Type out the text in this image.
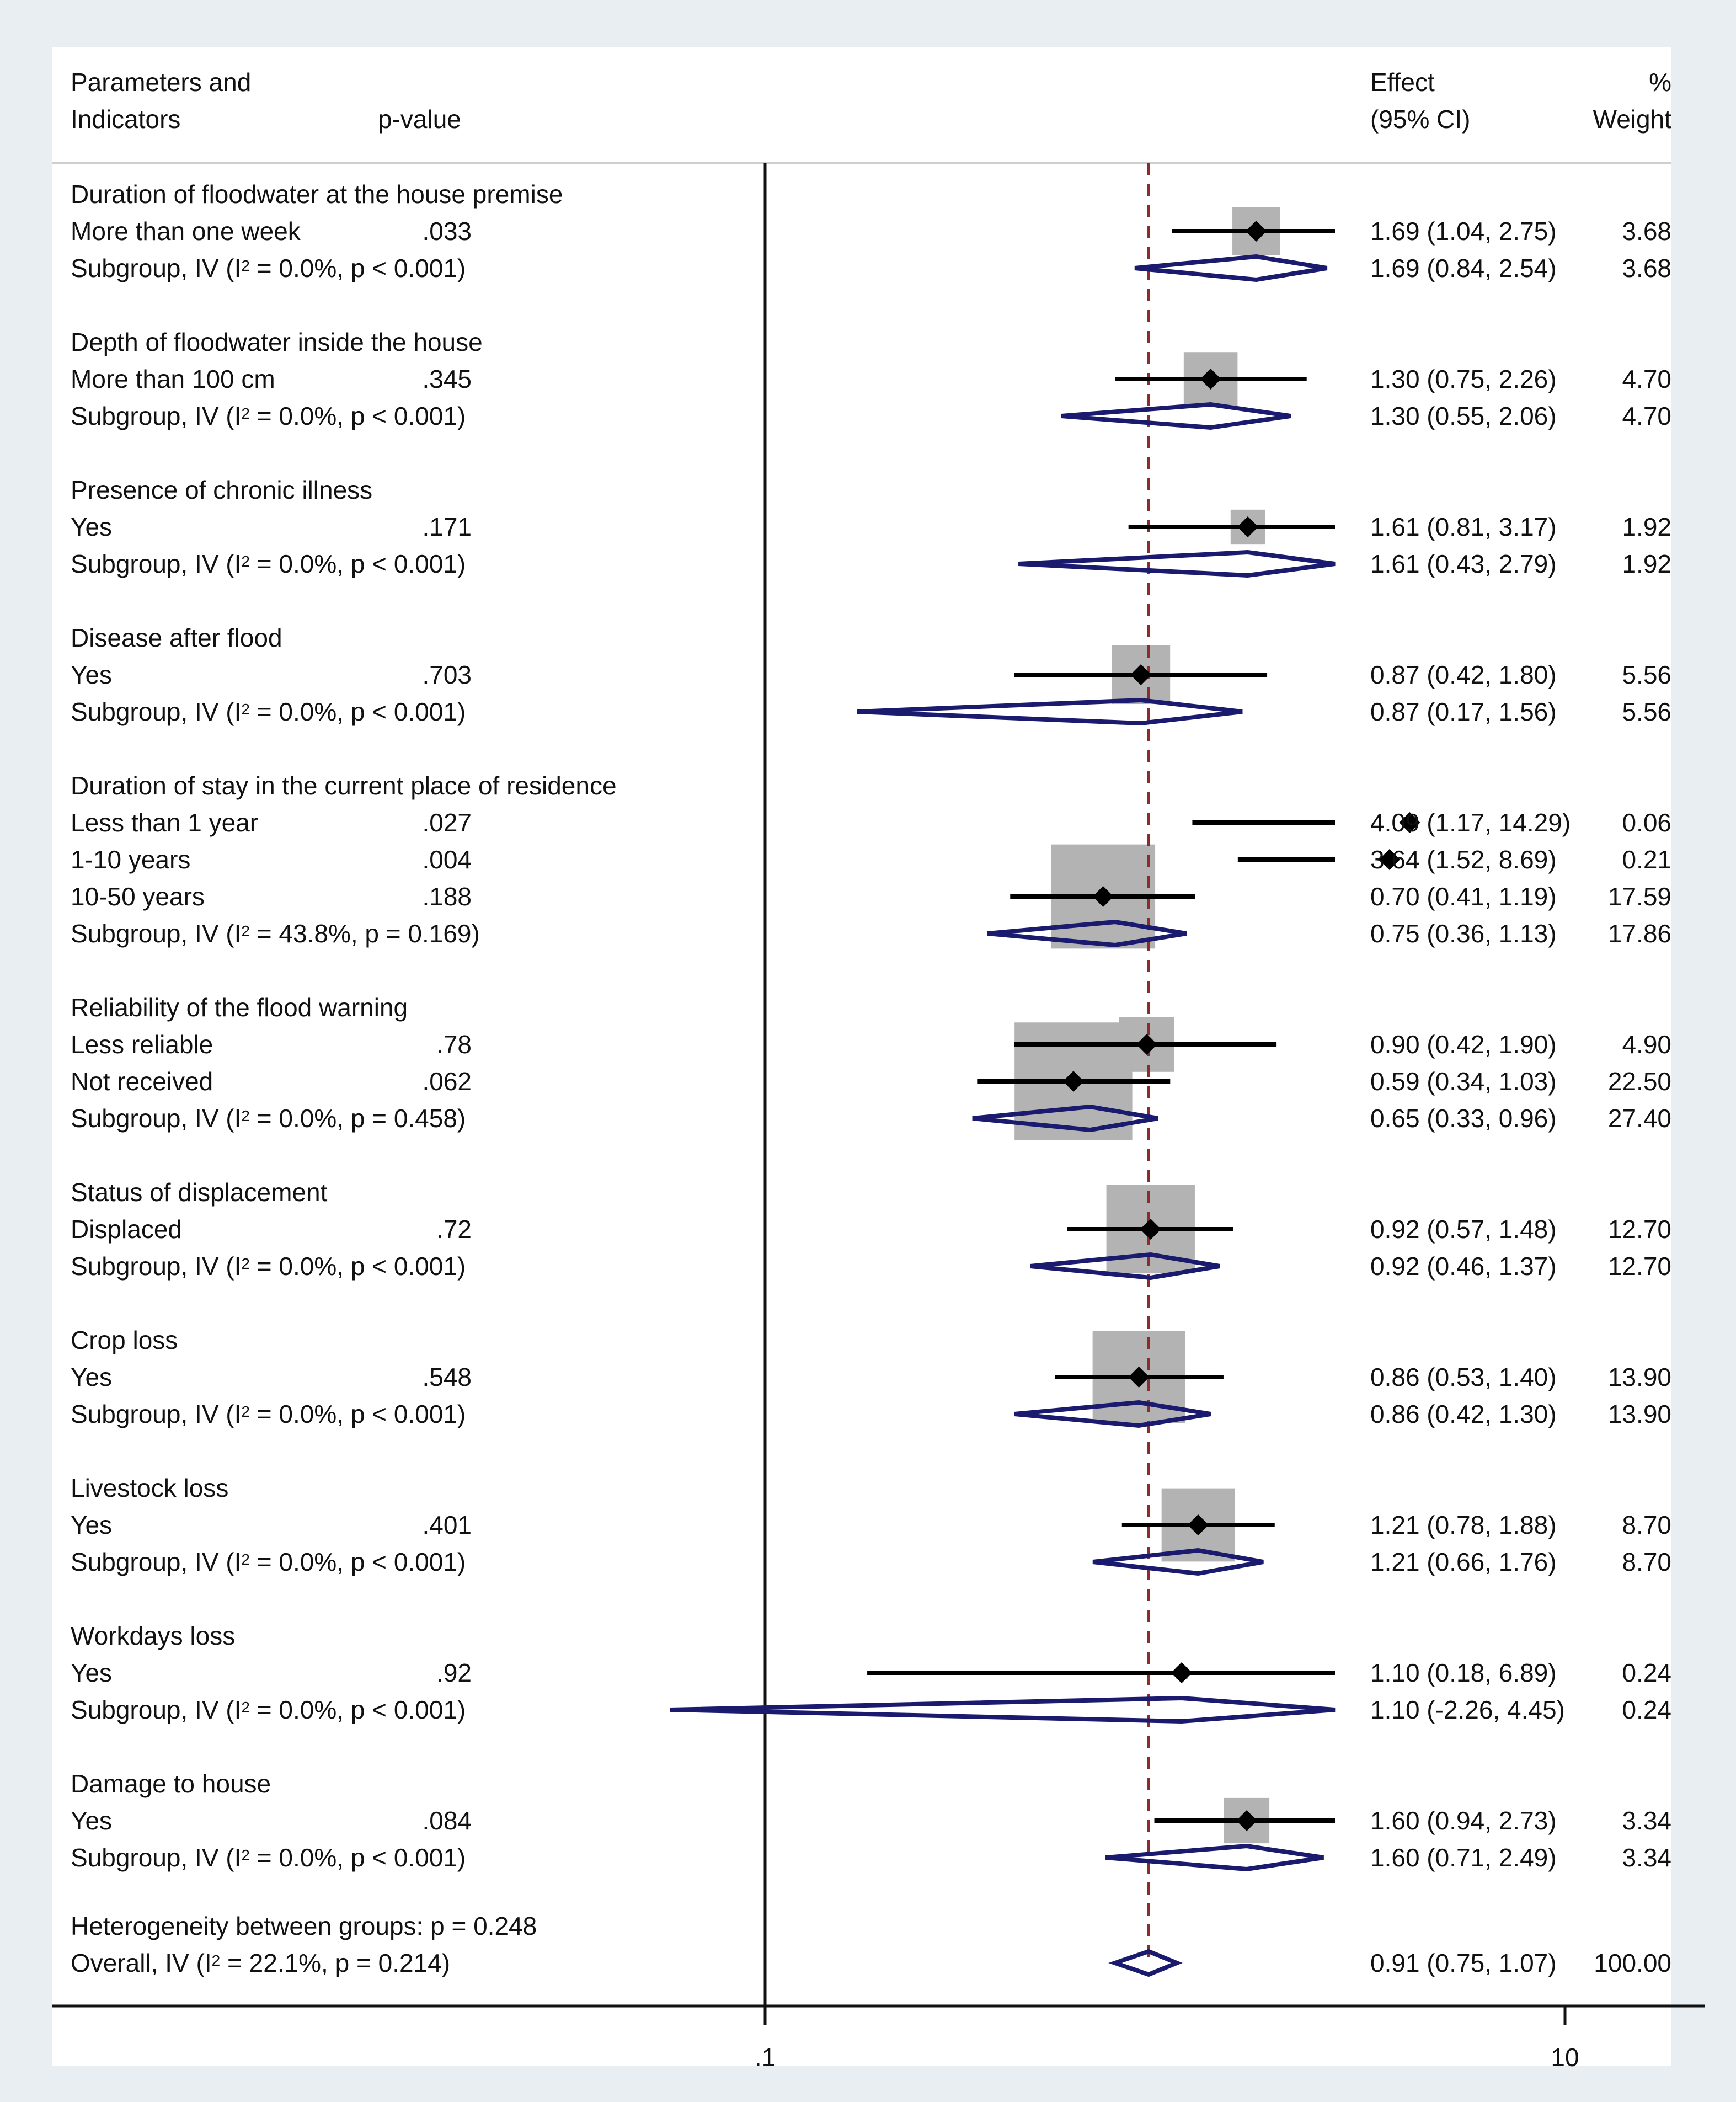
Parameters and
Indicators	p-value
Effect
(95% CI)
%
Weight
.1	10
Duration of floodwater at the house premise
More than one week	.033	1.69 (1.04, 2.75)	3.68
Subgroup, IV (I2 = 0.0%, p < 0.001)	1.69 (0.84, 2.54)	3.68
Depth of floodwater inside the house
More than 100 cm	.345	1.30 (0.75, 2.26)	4.70
Subgroup, IV (I2 = 0.0%, p < 0.001)	1.30 (0.55, 2.06)	4.70
Presence of chronic illness
Yes	.171	1.61 (0.81, 3.17)	1.92
Subgroup, IV (I2 = 0.0%, p < 0.001)	1.61 (0.43, 2.79)	1.92
Disease after flood
Yes	.703	0.87 (0.42, 1.80)	5.56
Subgroup, IV (I2 = 0.0%, p < 0.001)	0.87 (0.17, 1.56)	5.56
Duration of stay in the current place of residence
Less than 1 year	.027	4.09 (1.17, 14.29) 0.06
1-10 years	.004	3.64 (1.52, 8.69)	0.21
10-50 years	.188	0.70 (0.41, 1.19) 17.59
Subgroup, IV (I2 = 43.8%, p = 0.169)	0.75 (0.36, 1.13) 17.86
Reliability of the flood warning
Less reliable	.78	0.90 (0.42, 1.90)	4.90
Not received	.062	0.59 (0.34, 1.03) 22.50
Subgroup, IV (I2 = 0.0%, p = 0.458)	0.65 (0.33, 0.96) 27.40
Status of displacement
Displaced	.72	0.92 (0.57, 1.48) 12.70
Subgroup, IV (I2 = 0.0%, p < 0.001)	0.92 (0.46, 1.37) 12.70
Crop loss
Yes	.548	0.86 (0.53, 1.40) 13.90
Subgroup, IV (I2 = 0.0%, p < 0.001)	0.86 (0.42, 1.30) 13.90
Livestock loss
Yes	.401	1.21 (0.78, 1.88)	8.70
Subgroup, IV (I2 = 0.0%, p < 0.001)	1.21 (0.66, 1.76)	8.70
Workdays loss
Yes	.92	1.10 (0.18, 6.89)	0.24
Subgroup, IV (I2 = 0.0%, p < 0.001)	1.10 (-2.26, 4.45) 0.24
Damage to house
Yes	.084	1.60 (0.94, 2.73)	3.34
Subgroup, IV (I2 = 0.0%, p < 0.001)	1.60 (0.71, 2.49)	3.34
Heterogeneity between groups: p = 0.248
Overall, IV (I2 = 22.1%, p = 0.214)	0.91 (0.75, 1.07) 100.00
